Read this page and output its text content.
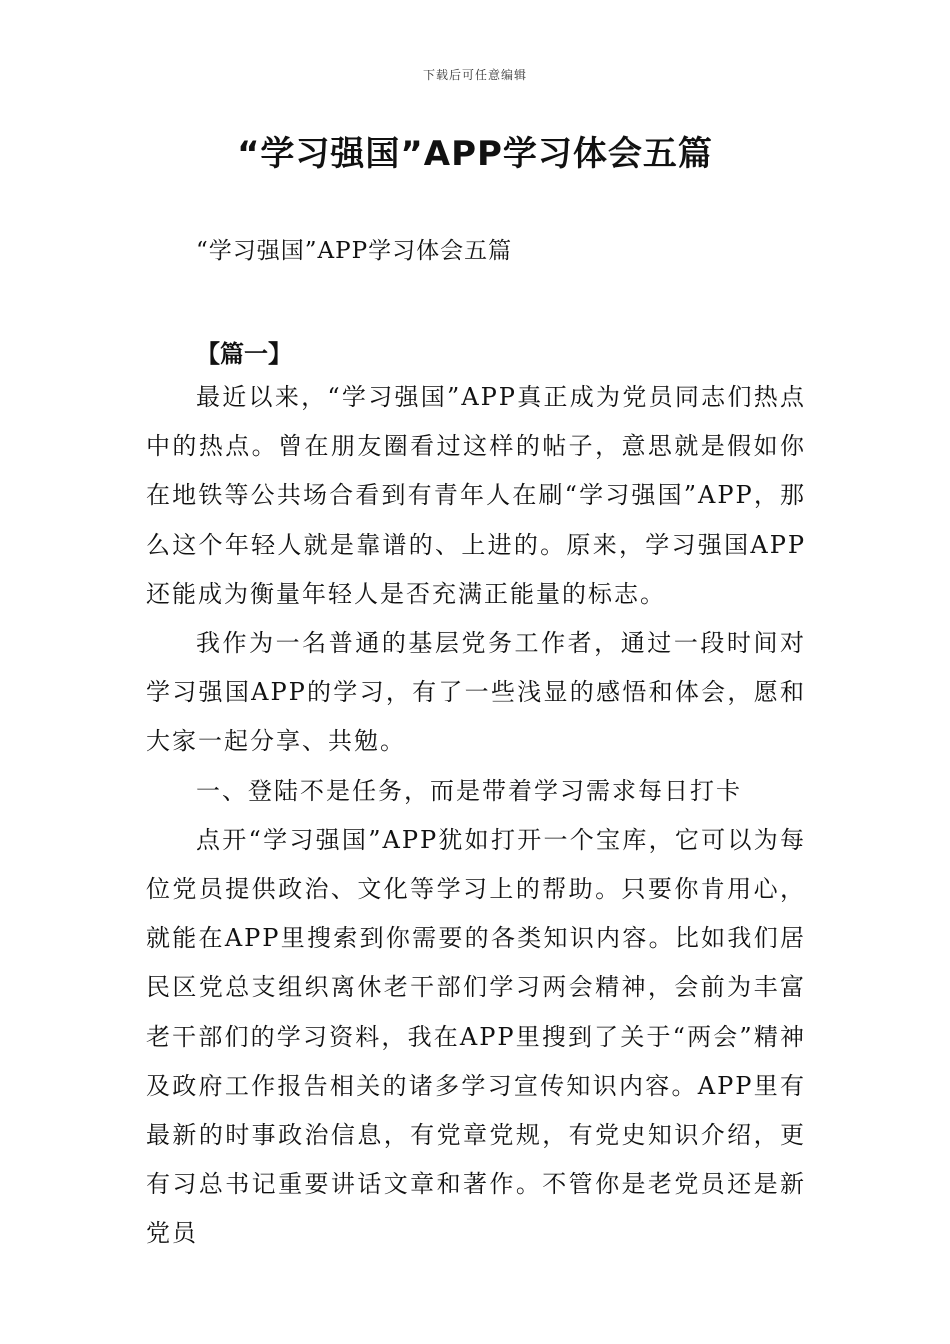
下载后可任意编辑
“学习强国”APP学习体会五篇
“学习强国”APP学习体会五篇
【篇一】

最近以来，“学习强国”APP真正成为党员同志们热点中的热点。曾在朋友圈看过这样的帖子，意思就是假如你在地铁等公共场合看到有青年人在刷“学习强国”APP，那么这个年轻人就是靠谱的、上进的。原来，学习强国APP还能成为衡量年轻人是否充满正能量的标志。

我作为一名普通的基层党务工作者，通过一段时间对学习强国APP的学习，有了一些浅显的感悟和体会，愿和大家一起分享、共勉。

一、登陆不是任务，而是带着学习需求每日打卡

点开“学习强国”APP犹如打开一个宝库，它可以为每位党员提供政治、文化等学习上的帮助。只要你肯用心，就能在APP里搜索到你需要的各类知识内容。比如我们居民区党总支组织离休老干部们学习两会精神，会前为丰富老干部们的学习资料，我在APP里搜到了关于“两会”精神及政府工作报告相关的诸多学习宣传知识内容。APP里有最新的时事政治信息，有党章党规，有党史知识介绍，更有习总书记重要讲话文章和著作。不管你是老党员还是新党员
